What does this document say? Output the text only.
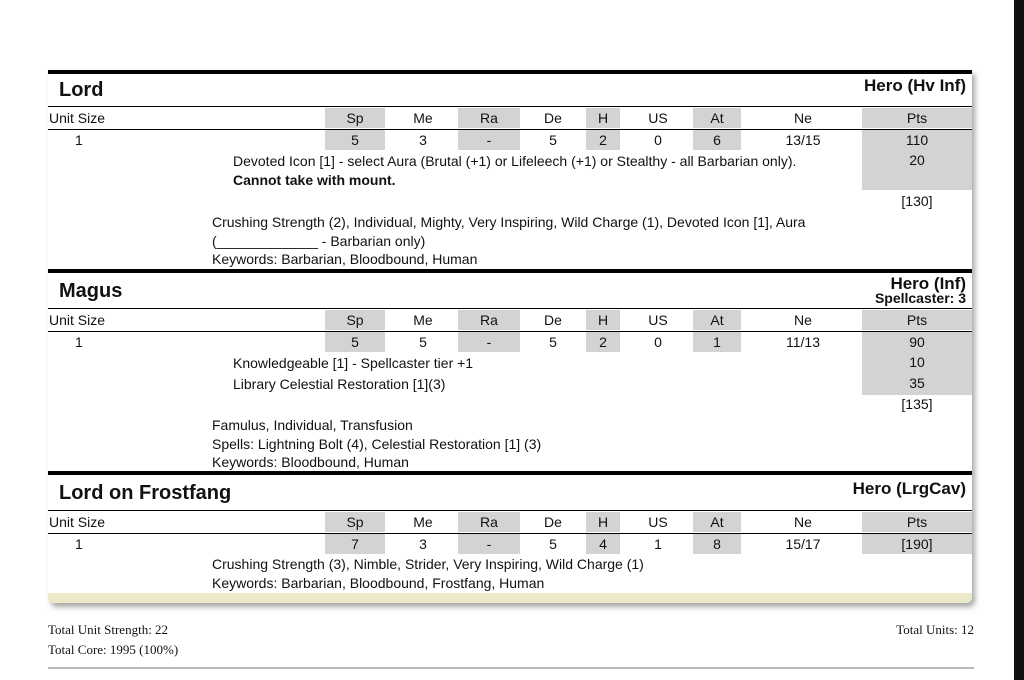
Lord	Hero (Hv Inf)
Unit Size	Sp	Me	Ra	De	H	US	At	Ne	Pts
1	5	3	-	5	2	0	6	13/15	110
Devoted Icon [1] - select Aura (Brutal (+1) or Lifeleech (+1) or Stealthy - all Barbarian only).	20
Cannot take with mount.
[130]
Crushing Strength (2), Individual, Mighty, Very Inspiring, Wild Charge (1), Devoted Icon [1], Aura
(_____________ - Barbarian only)
Keywords: Barbarian, Bloodbound, Human
Magus	Hero (Inf)
Spellcaster: 3
Unit Size	Sp	Me	Ra	De	H	US	At	Ne	Pts
1	5	5	-	5	2	0	1	11/13	90
Knowledgeable [1] - Spellcaster tier +1	10
Library Celestial Restoration [1](3)	35
[135]
Famulus, Individual, Transfusion
Spells: Lightning Bolt (4), Celestial Restoration [1] (3)
Keywords: Bloodbound, Human
Lord on Frostfang	Hero (LrgCav)
Unit Size	Sp	Me	Ra	De	H	US	At	Ne	Pts
1	7	3	-	5	4	1	8	15/17	[190]
Crushing Strength (3), Nimble, Strider, Very Inspiring, Wild Charge (1)
Keywords: Barbarian, Bloodbound, Frostfang, Human
Total Unit Strength: 22
Total Core: 1995 (100%)
Total Units: 12
